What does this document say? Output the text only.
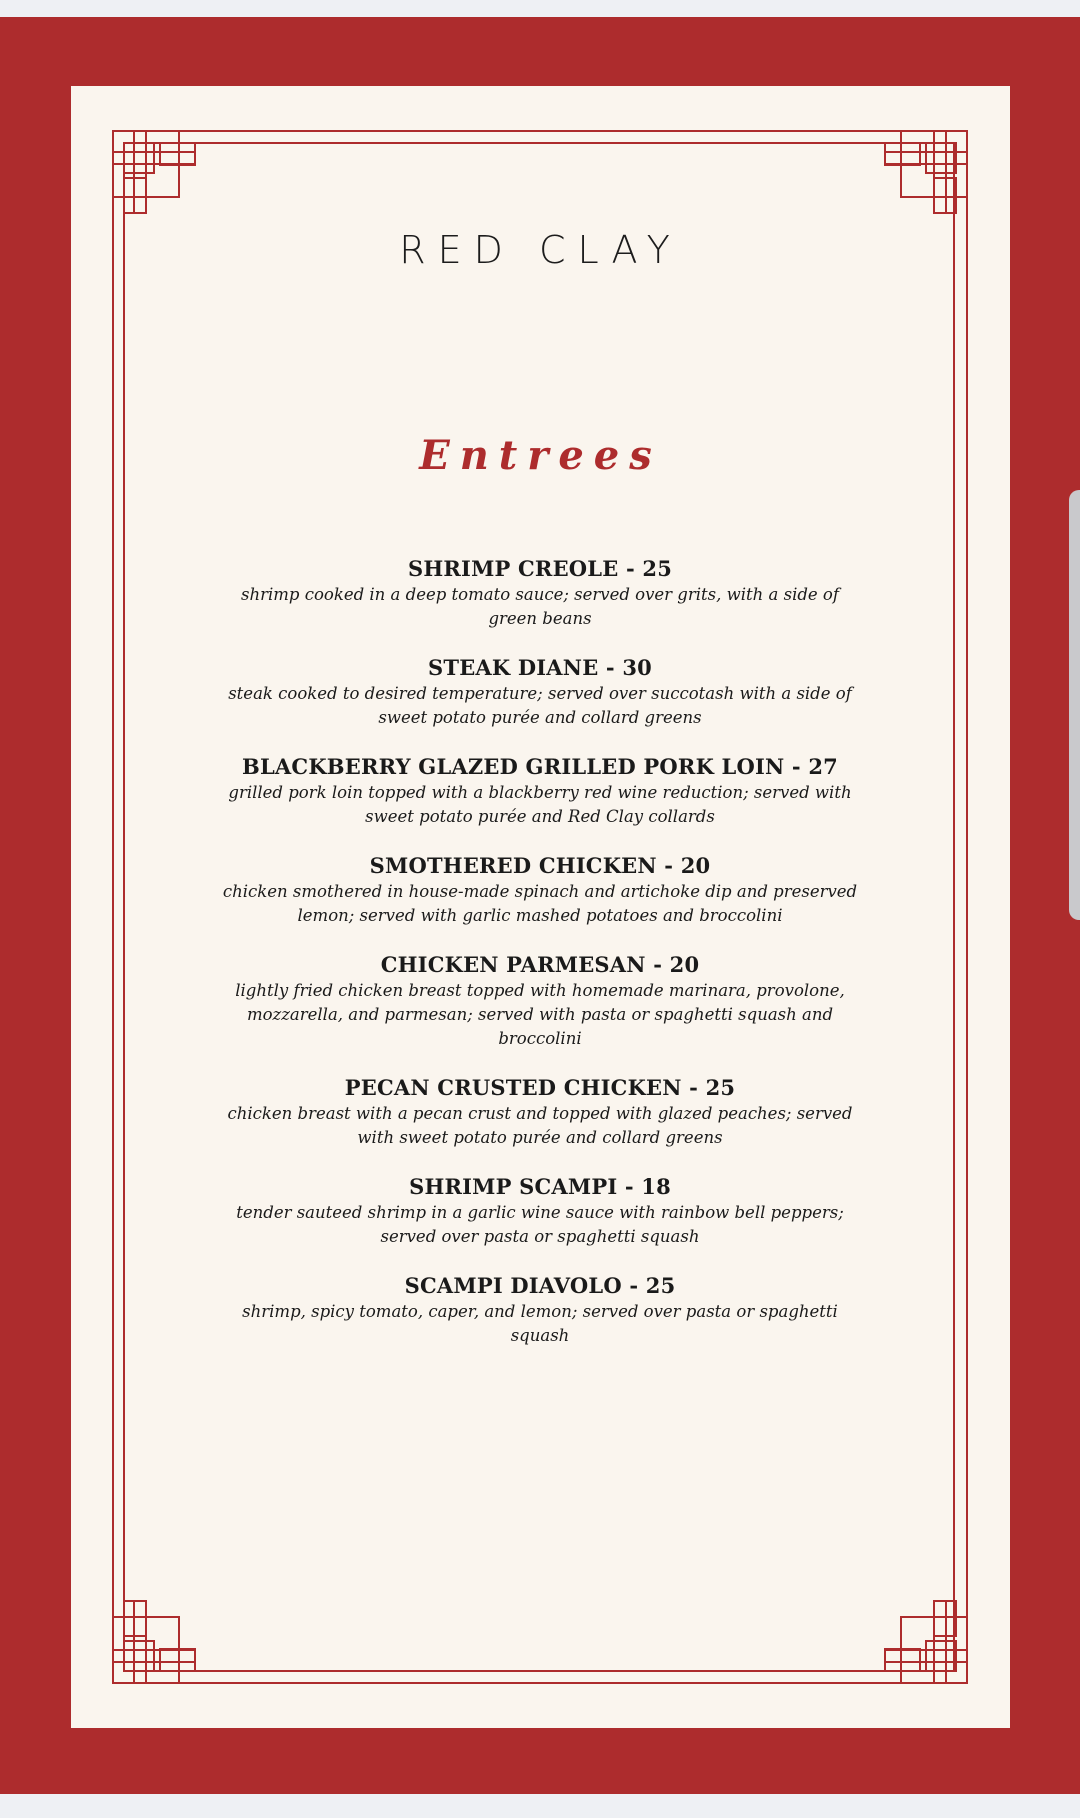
RED CLAY
Entrees
SHRIMP CREOLE - 25
shrimp cooked in a deep tomato sauce; served over grits, with a side of green beans
STEAK DIANE - 30
steak cooked to desired temperature; served over succotash with a side of sweet potato purée and collard greens
BLACKBERRY GLAZED GRILLED PORK LOIN - 27
grilled pork loin topped with a blackberry red wine reduction; served with sweet potato purée and Red Clay collards
SMOTHERED CHICKEN - 20
chicken smothered in house-made spinach and artichoke dip and preserved lemon; served with garlic mashed potatoes and broccolini
CHICKEN PARMESAN - 20
lightly fried chicken breast topped with homemade marinara, provolone, mozzarella, and parmesan; served with pasta or spaghetti squash and broccolini
PECAN CRUSTED CHICKEN - 25
chicken breast with a pecan crust and topped with glazed peaches; served with sweet potato purée and collard greens
SHRIMP SCAMPI - 18
tender sauteed shrimp in a garlic wine sauce with rainbow bell peppers; served over pasta or spaghetti squash
SCAMPI DIAVOLO - 25
shrimp, spicy tomato, caper, and lemon; served over pasta or spaghetti squash
